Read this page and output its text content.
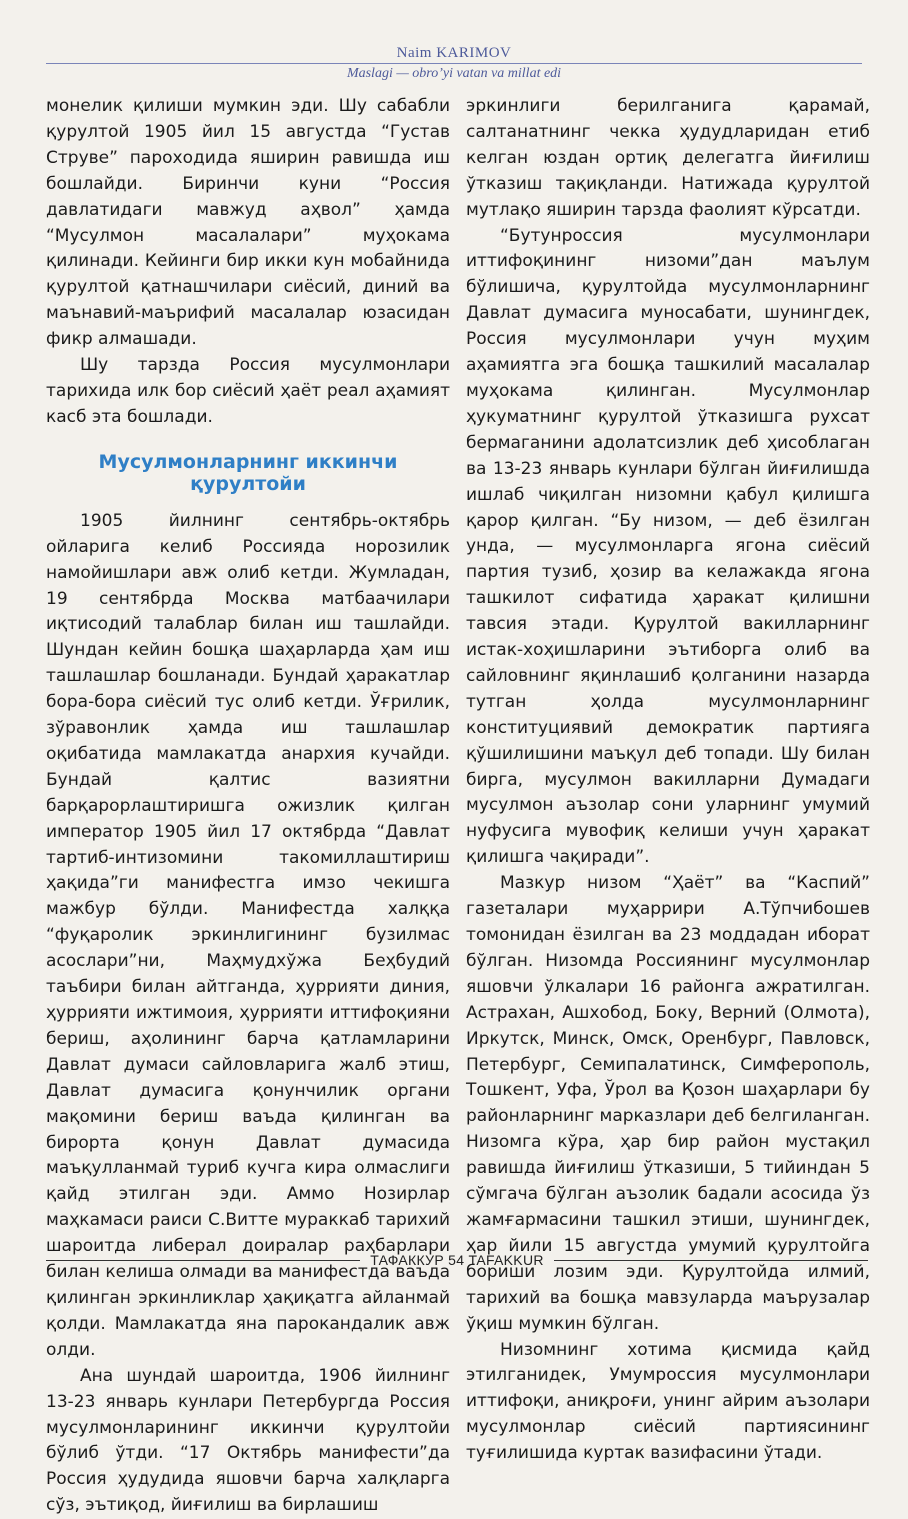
Naim KARIMOV
Maslagi — obro’yi vatan va millat edi

монелик қилиши мумкин эди. Шу сабабли қурултой 1905 йил 15 августда “Густав Струве” пароходида яширин равишда иш бошлайди. Биринчи куни “Россия давлатидаги мавжуд аҳвол” ҳамда “Мусулмон масалалари” муҳокама қилинади. Кейинги бир икки кун мобайнида қурултой қатнашчилари сиёсий, диний ва маънавий-маърифий масалалар юзасидан фикр алмашади.

Шу тарзда Россия мусулмонлари тарихида илк бор сиёсий ҳаёт реал аҳамият касб эта бошлади.

Мусулмонларнинг иккинчи қурултойи

1905 йилнинг сентябрь-октябрь ойларига келиб Россияда норозилик намойишлари авж олиб кетди. Жумладан, 19 сентябрда Москва матбаачилари иқтисодий талаблар билан иш ташлайди. Шундан кейин бошқа шаҳарларда ҳам иш ташлашлар бошланади. Бундай ҳаракатлар бора-бора сиёсий тус олиб кетди. Ўғрилик, зўравонлик ҳамда иш ташлашлар оқибатида мамлакатда анархия кучайди. Бундай қалтис вазиятни барқарорлаштиришга ожизлик қилган император 1905 йил 17 октябрда “Давлат тартиб-интизомини такомиллаштириш ҳақида”ги манифестга имзо чекишга мажбур бўлди. Манифестда халққа “фуқаролик эркинлигининг бузилмас асослари”ни, Маҳмудхўжа Беҳбудий таъбири билан айтганда, ҳуррияти диния, ҳуррияти ижтимоия, ҳуррияти иттифоқияни бериш, аҳолининг барча қатламларини Давлат думаси сайловларига жалб этиш, Давлат думасига қонунчилик органи мақомини бериш ваъда қилинган ва бирорта қонун Давлат думасида маъқулланмай туриб кучга кира олмаслиги қайд этилган эди. Аммо Нозирлар маҳкамаси раиси С.Витте мураккаб тарихий шароитда либерал доиралар раҳбарлари билан келиша олмади ва манифестда ваъда қилинган эркинликлар ҳақиқатга айланмай қолди. Мамлакатда яна парокандалик авж олди.

Ана шундай шароитда, 1906 йилнинг 13-23 январь кунлари Петербургда Россия мусулмонларининг иккинчи қурултойи бўлиб ўтди. “17 Октябрь манифести”да Россия ҳудудида яшовчи барча халқларга сўз, эътиқод, йиғилиш ва бирлашиш

эркинлиги берилганига қарамай, салтанатнинг чекка ҳудудларидан етиб келган юздан ортиқ делегатга йиғилиш ўтказиш тақиқланди. Натижада қурултой мутлақо яширин тарзда фаолият кўрсатди.

“Бутунроссия мусулмонлари иттифоқининг низоми”дан маълум бўлишича, қурултойда мусулмонларнинг Давлат думасига муносабати, шунингдек, Россия мусулмонлари учун муҳим аҳамиятга эга бошқа ташкилий масалалар муҳокама қилинган. Мусулмонлар ҳукуматнинг қурултой ўтказишга рухсат бермаганини адолатсизлик деб ҳисоблаган ва 13-23 январь кунлари бўлган йиғилишда ишлаб чиқилган низомни қабул қилишга қарор қилган. “Бу низом, — деб ёзилган унда, — мусулмонларга ягона сиёсий партия тузиб, ҳозир ва келажакда ягона ташкилот сифатида ҳаракат қилишни тавсия этади. Қурултой вакилларнинг истак-хоҳишларини эътиборга олиб ва сайловнинг яқинлашиб қолганини назарда тутган ҳолда мусулмонларнинг конституциявий демократик партияга қўшилишини маъқул деб топади. Шу билан бирга, мусулмон вакилларни Думадаги мусулмон аъзолар сони уларнинг умумий нуфусига мувофиқ келиши учун ҳаракат қилишга чақиради”.

Мазкур низом “Ҳаёт” ва “Каспий” газеталари муҳаррири А.Тўпчибошев томонидан ёзилган ва 23 моддадан иборат бўлган. Низомда Россиянинг мусулмонлар яшовчи ўлкалари 16 районга ажратилган. Астрахан, Ашхобод, Боку, Верний (Олмота), Иркутск, Минск, Омск, Оренбург, Павловск, Петербург, Семипалатинск, Симферополь, Тошкент, Уфа, Ўрол ва Қозон шаҳарлари бу районларнинг марказлари деб белгиланган. Низомга кўра, ҳар бир район мустақил равишда йиғилиш ўтказиши, 5 тийиндан 5 сўмгача бўлган аъзолик бадали асосида ўз жамғармасини ташкил этиши, шунингдек, ҳар йили 15 августда умумий қурултойга бориши лозим эди. Қурултойда илмий, тарихий ва бошқа мавзуларда маърузалар ўқиш мумкин бўлган.

Низомнинг хотима қисмида қайд этилганидек, Умумроссия мусулмонлари иттифоқи, аниқроғи, унинг айрим аъзолари мусулмонлар сиёсий партиясининг туғилишида куртак вазифасини ўтади.

ТАФАККУР 54 TAFAKKUR
